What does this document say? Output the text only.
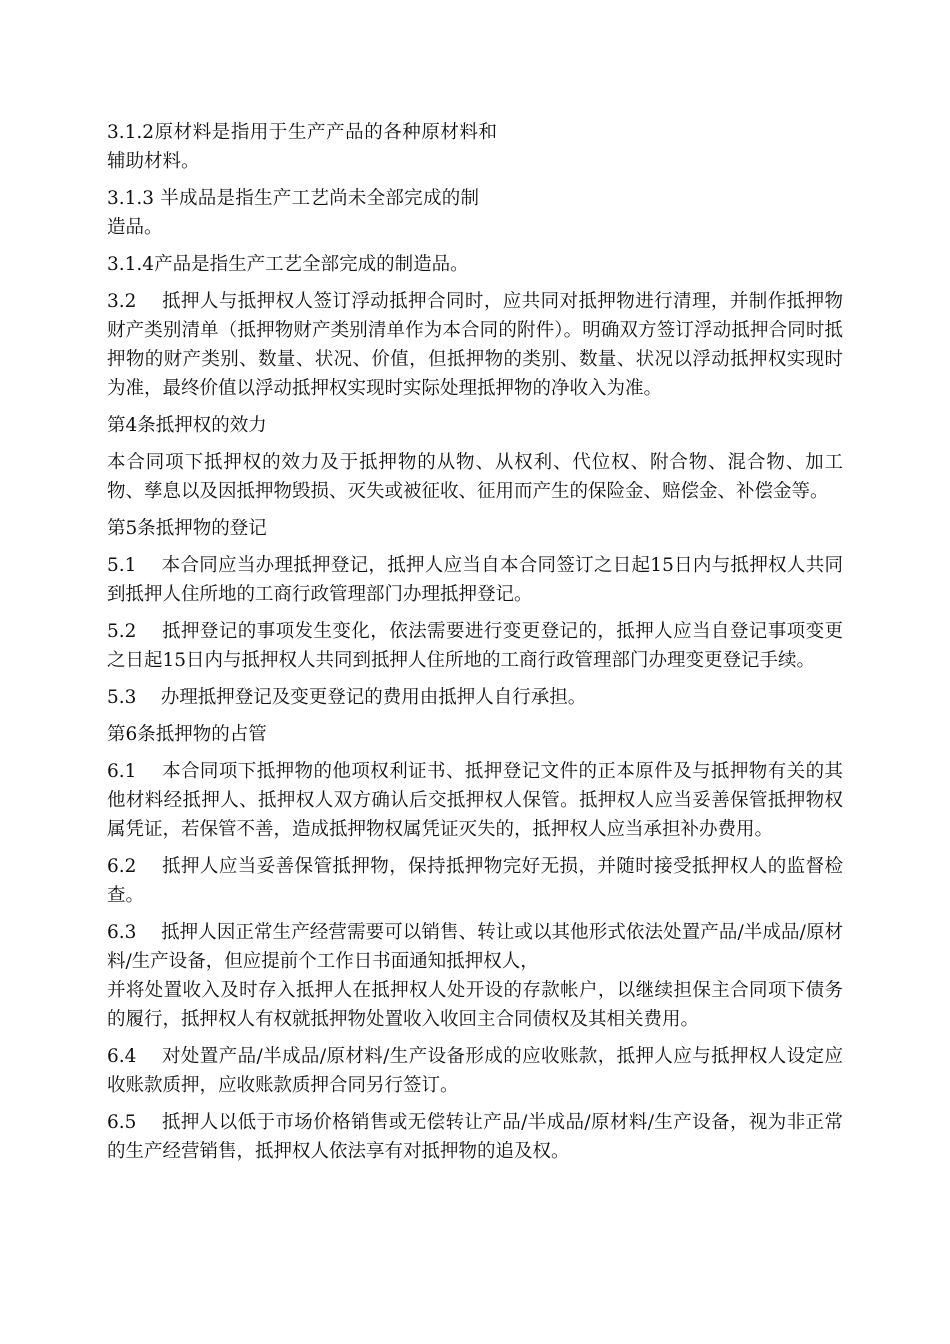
3.1.2原材料是指用于生产产品的各种原材料和辅助材料。

3.1.3 半成品是指生产工艺尚未全部完成的制造品。

3.1.4产品是指生产工艺全部完成的制造品。

3.2　 抵押人与抵押权人签订浮动抵押合同时，应共同对抵押物进行清理，并制作抵押物财产类别清单（抵押物财产类别清单作为本合同的附件）。明确双方签订浮动抵押合同时抵押物的财产类别、数量、状况、价值，但抵押物的类别、数量、状况以浮动抵押权实现时为准，最终价值以浮动抵押权实现时实际处理抵押物的净收入为准。

第4条抵押权的效力

本合同项下抵押权的效力及于抵押物的从物、从权利、代位权、附合物、混合物、加工物、孳息以及因抵押物毁损、灭失或被征收、征用而产生的保险金、赔偿金、补偿金等。

第5条抵押物的登记

5.1　 本合同应当办理抵押登记，抵押人应当自本合同签订之日起15日内与抵押权人共同到抵押人住所地的工商行政管理部门办理抵押登记。

5.2　 抵押登记的事项发生变化，依法需要进行变更登记的，抵押人应当自登记事项变更之日起15日内与抵押权人共同到抵押人住所地的工商行政管理部门办理变更登记手续。

5.3　 办理抵押登记及变更登记的费用由抵押人自行承担。

第6条抵押物的占管

6.1　 本合同项下抵押物的他项权利证书、抵押登记文件的正本原件及与抵押物有关的其他材料经抵押人、抵押权人双方确认后交抵押权人保管。抵押权人应当妥善保管抵押物权属凭证，若保管不善，造成抵押物权属凭证灭失的，抵押权人应当承担补办费用。

6.2　 抵押人应当妥善保管抵押物，保持抵押物完好无损，并随时接受抵押权人的监督检查。

6.3　 抵押人因正常生产经营需要可以销售、转让或以其他形式依法处置产品/半成品/原材料/生产设备，但应提前个工作日书面通知抵押权人，
并将处置收入及时存入抵押人在抵押权人处开设的存款帐户，以继续担保主合同项下债务的履行，抵押权人有权就抵押物处置收入收回主合同债权及其相关费用。

6.4　 对处置产品/半成品/原材料/生产设备形成的应收账款，抵押人应与抵押权人设定应收账款质押，应收账款质押合同另行签订。

6.5　 抵押人以低于市场价格销售或无偿转让产品/半成品/原材料/生产设备，视为非正常的生产经营销售，抵押权人依法享有对抵押物的追及权。
